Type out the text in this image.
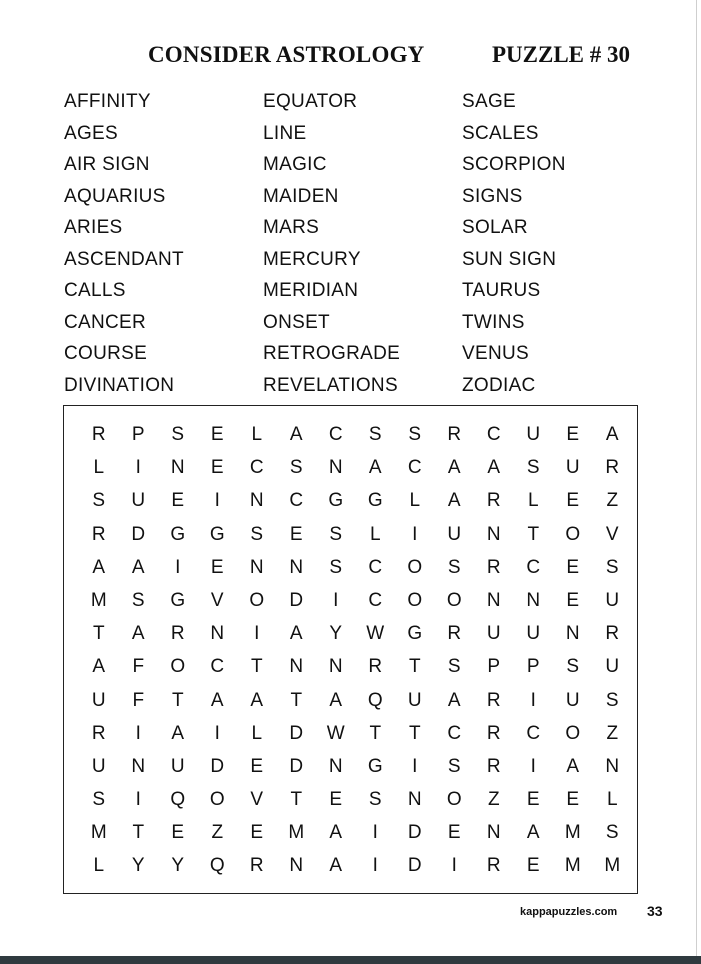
CONSIDER ASTROLOGY	PUZZLE # 30
AFFINITY
AGES
AIR SIGN
AQUARIUS
ARIES
ASCENDANT
CALLS
CANCER
COURSE
DIVINATION
EQUATOR
LINE
MAGIC
MAIDEN
MARS
MERCURY
MERIDIAN
ONSET
RETROGRADE
REVELATIONS
SAGE
SCALES
SCORPION
SIGNS
SOLAR
SUN SIGN
TAURUS
TWINS
VENUS
ZODIAC
R	P	S	E	L	A	C	S	S	R	C	U	E	A
L	I	N	E	C	S	N	A	C	A	A	S	U	R
S	U	E	I	N	C	G	G	L	A	R	L	E	Z
R	D	G	G	S	E	S	L	I	U	N	T	O	V
A	A	I	E	N	N	S	C	O	S	R	C	E	S
M	S	G	V	O	D	I	C	O	O	N	N	E	U
T	A	R	N	I	A	Y	W	G	R	U	U	N	R
A	F	O	C	T	N	N	R	T	S	P	P	S	U
U	F	T	A	A	T	A	Q	U	A	R	I	U	S
R	I	A	I	L	D	W	T	T	C	R	C	O	Z
U	N	U	D	E	D	N	G	I	S	R	I	A	N
S	I	Q	O	V	T	E	S	N	O	Z	E	E	L
M	T	E	Z	E	M	A	I	D	E	N	A	M	S
L	Y	Y	Q	R	N	A	I	D	I	R	E	M	M
kappapuzzles.com 33
